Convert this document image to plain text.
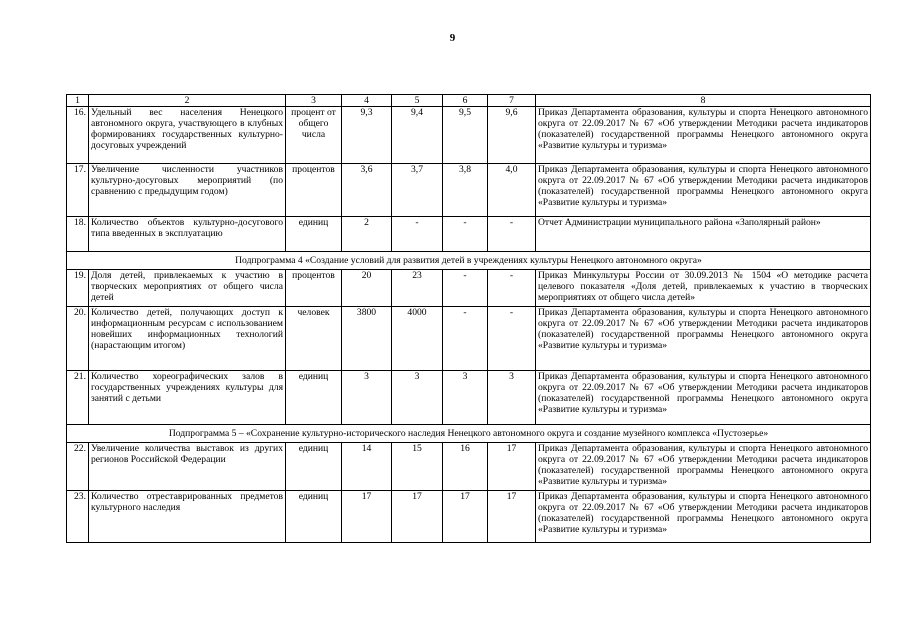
9
1	2	3	4	5	6	7	8
16.	Удельный вес населения Ненецкого автономного округа, участвующего в клубных формированиях государственных культурно-досуговых учреждений	процент от общего числа	9,3	9,4	9,5	9,6	Приказ Департамента образования, культуры и спорта Ненецкого автономного округа от 22.09.2017 № 67 «Об утверждении Методики расчета индикаторов (показателей) государственной программы Ненецкого автономного округа «Развитие культуры и туризма»
17.	Увеличение численности участников культурно-досуговых мероприятий (по сравнению с предыдущим годом)	процентов	3,6	3,7	3,8	4,0	Приказ Департамента образования, культуры и спорта Ненецкого автономного округа от 22.09.2017 № 67 «Об утверждении Методики расчета индикаторов (показателей) государственной программы Ненецкого автономного округа «Развитие культуры и туризма»
18.	Количество объектов культурно-досугового типа введенных в эксплуатацию	единиц	2	-	-	-	Отчет Администрации муниципального района «Заполярный район»
Подпрограмма 4 «Создание условий для развития детей в учреждениях культуры Ненецкого автономного округа»							
19.	Доля детей, привлекаемых к участию в творческих мероприятиях от общего числа детей	процентов	20	23	-	-	Приказ Минкультуры России от 30.09.2013 № 1504 «О методике расчета целевого показателя «Доля детей, привлекаемых к участию в творческих мероприятиях от общего числа детей»
20.	Количество детей, получающих доступ к информационным ресурсам с использованием новейших информационных технологий (нарастающим итогом)	человек	3800	4000	-	-	Приказ Департамента образования, культуры и спорта Ненецкого автономного округа от 22.09.2017 № 67 «Об утверждении Методики расчета индикаторов (показателей) государственной программы Ненецкого автономного округа «Развитие культуры и туризма»
21.	Количество хореографических залов в государственных учреждениях культуры для занятий с детьми	единиц	3	3	3	3	Приказ Департамента образования, культуры и спорта Ненецкого автономного округа от 22.09.2017 № 67 «Об утверждении Методики расчета индикаторов (показателей) государственной программы Ненецкого автономного округа «Развитие культуры и туризма»
Подпрограмма 5 – «Сохранение культурно-исторического наследия Ненецкого автономного округа и создание музейного комплекса «Пустозерье»							
22.	Увеличение количества выставок из других регионов Российской Федерации	единиц	14	15	16	17	Приказ Департамента образования, культуры и спорта Ненецкого автономного округа от 22.09.2017 № 67 «Об утверждении Методики расчета индикаторов (показателей) государственной программы Ненецкого автономного округа «Развитие культуры и туризма»
23.	Количество отреставрированных предметов культурного наследия	единиц	17	17	17	17	Приказ Департамента образования, культуры и спорта Ненецкого автономного округа от 22.09.2017 № 67 «Об утверждении Методики расчета индикаторов (показателей) государственной программы Ненецкого автономного округа «Развитие культуры и туризма»
